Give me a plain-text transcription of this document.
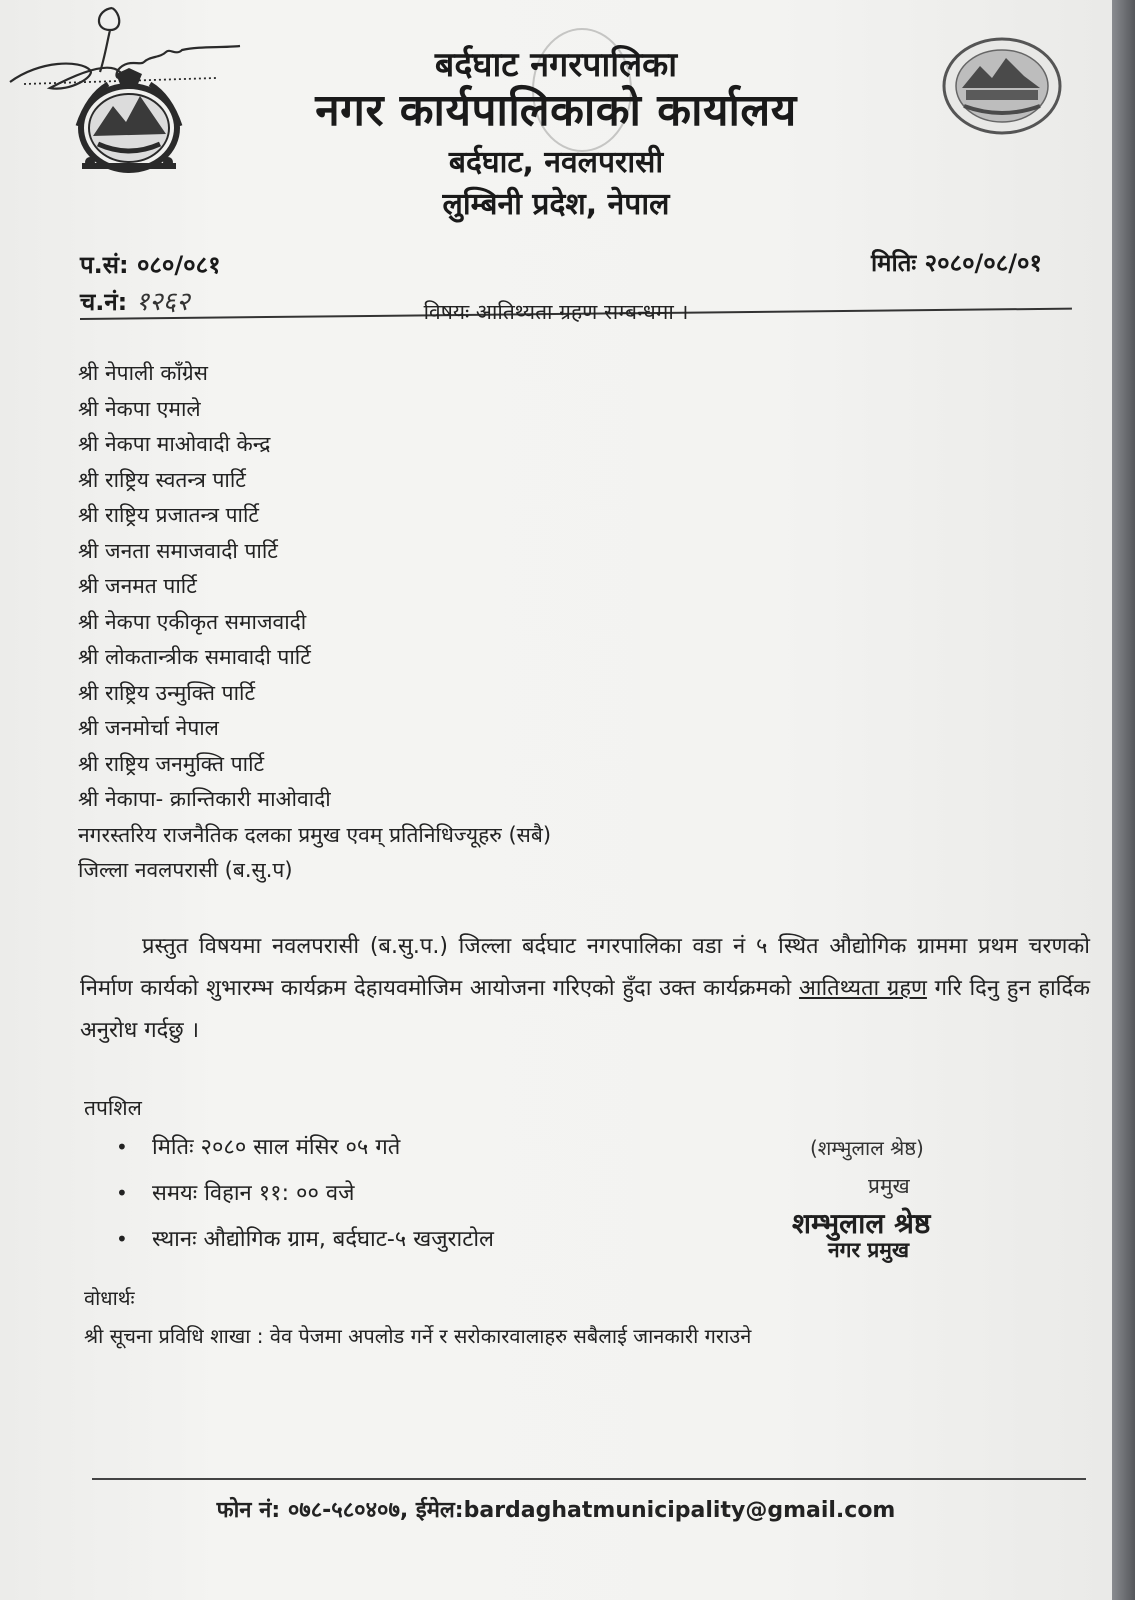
बर्दघाट नगरपालिका
नगर कार्यपालिकाको कार्यालय
बर्दघाट, नवलपरासी
लुम्बिनी प्रदेश, नेपाल
प.सं: ०८०/०८१
च.नं: १२६२
मितिः २०८०/०८/०१
विषयः आतिथ्यता ग्रहण सम्बन्धमा ।
श्री नेपाली काँग्रेस
श्री नेकपा एमाले
श्री नेकपा माओवादी केन्द्र
श्री राष्ट्रिय स्वतन्त्र पार्टि
श्री राष्ट्रिय प्रजातन्त्र पार्टि
श्री जनता समाजवादी पार्टि
श्री जनमत पार्टि
श्री नेकपा एकीकृत समाजवादी
श्री लोकतान्त्रीक समावादी पार्टि
श्री राष्ट्रिय उन्मुक्ति पार्टि
श्री जनमोर्चा नेपाल
श्री राष्ट्रिय जनमुक्ति पार्टि
श्री नेकापा- क्रान्तिकारी माओवादी
नगरस्तरिय राजनैतिक दलका प्रमुख एवम् प्रतिनिधिज्यूहरु (सबै)
जिल्ला नवलपरासी (ब.सु.प)
प्रस्तुत विषयमा नवलपरासी (ब.सु.प.) जिल्ला बर्दघाट नगरपालिका वडा नं ५ स्थित औद्योगिक ग्राममा प्रथम चरणको निर्माण कार्यको शुभारम्भ कार्यक्रम देहायवमोजिम आयोजना गरिएको हुँदा उक्त कार्यक्रमको आतिथ्यता ग्रहण गरि दिनु हुन हार्दिक अनुरोध गर्दछु ।
तपशिल
• मितिः २०८० साल मंसिर ०५ गते
• समयः विहान ११: ०० वजे
• स्थानः औद्योगिक ग्राम, बर्दघाट-५ खजुराटोल
(शम्भुलाल श्रेष्ठ)
प्रमुख
शम्भुलाल श्रेष्ठ
नगर प्रमुख
वोधार्थः
श्री सूचना प्रविधि शाखा : वेव पेजमा अपलोड गर्ने र सरोकारवालाहरु सबैलाई जानकारी गराउने
फोन नं: ०७८-५८०४०७, ईमेल:bardaghatmunicipality@gmail.com
